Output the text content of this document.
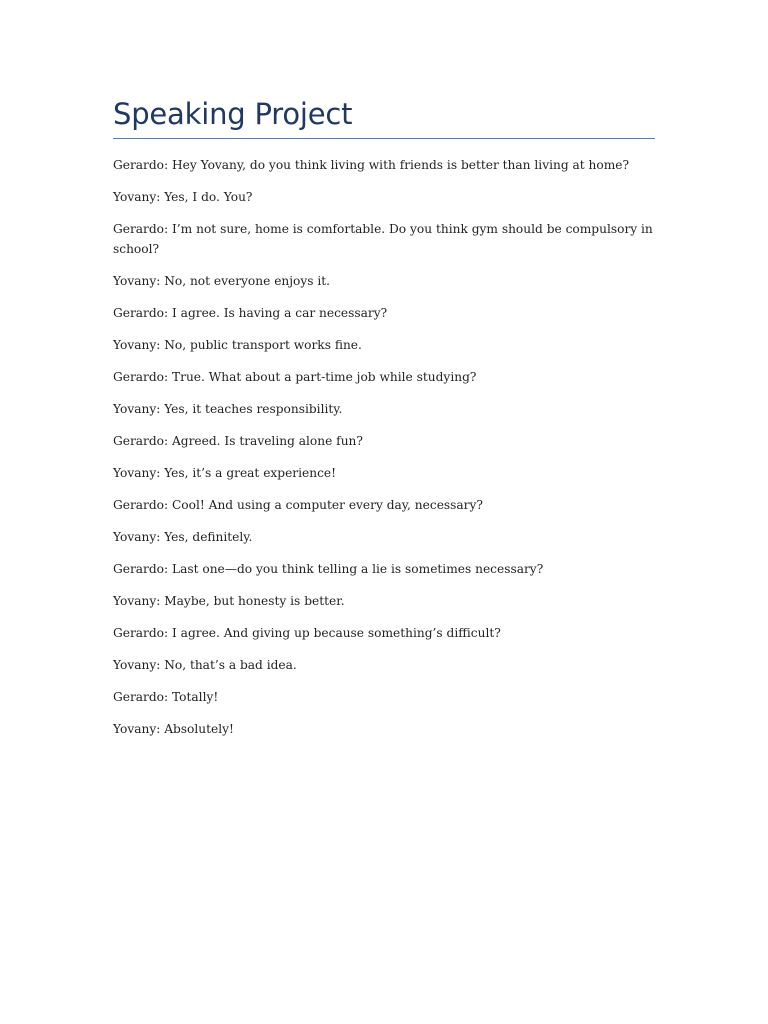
Speaking Project

Gerardo: Hey Yovany, do you think living with friends is better than living at home?

Yovany: Yes, I do. You?

Gerardo: I’m not sure, home is comfortable. Do you think gym should be compulsory in school?

Yovany: No, not everyone enjoys it.

Gerardo: I agree. Is having a car necessary?

Yovany: No, public transport works fine.

Gerardo: True. What about a part-time job while studying?

Yovany: Yes, it teaches responsibility.

Gerardo: Agreed. Is traveling alone fun?

Yovany: Yes, it’s a great experience!

Gerardo: Cool! And using a computer every day, necessary?

Yovany: Yes, definitely.

Gerardo: Last one—do you think telling a lie is sometimes necessary?

Yovany: Maybe, but honesty is better.

Gerardo: I agree. And giving up because something’s difficult?

Yovany: No, that’s a bad idea.

Gerardo: Totally!

Yovany: Absolutely!
